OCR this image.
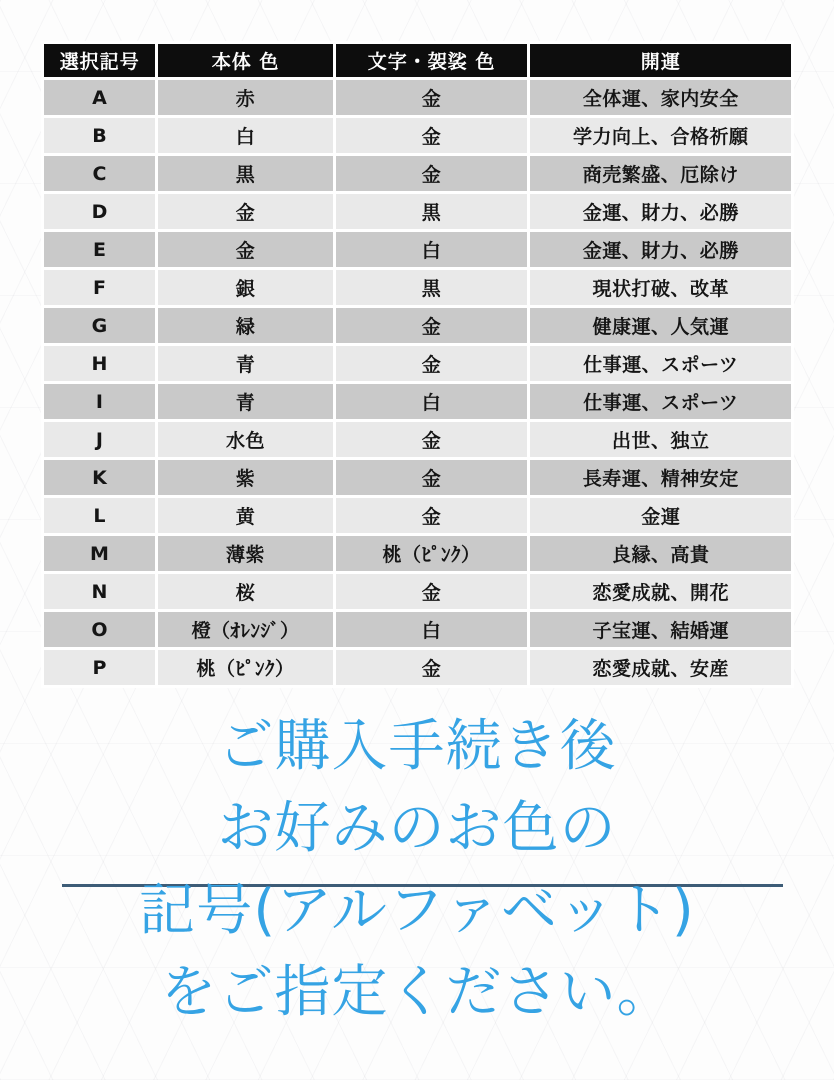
選択記号	本体 色	文字・袈裟 色	開運
A	赤	金	全体運、家内安全
B	白	金	学力向上、合格祈願
C	黒	金	商売繁盛、厄除け
D	金	黒	金運、財力、必勝
E	金	白	金運、財力、必勝
F	銀	黒	現状打破、改革
G	緑	金	健康運、人気運
H	青	金	仕事運、スポーツ
I	青	白	仕事運、スポーツ
J	水色	金	出世、独立
K	紫	金	長寿運、精神安定
L	黄	金	金運
M	薄紫	桃（ﾋﾟﾝｸ）	良縁、高貴
N	桜	金	恋愛成就、開花
O	橙（ｵﾚﾝｼﾞ）	白	子宝運、結婚運
P	桃（ﾋﾟﾝｸ）	金	恋愛成就、安産
ご購入手続き後
お好みのお色の
記号(アルファベット)
をご指定ください。
